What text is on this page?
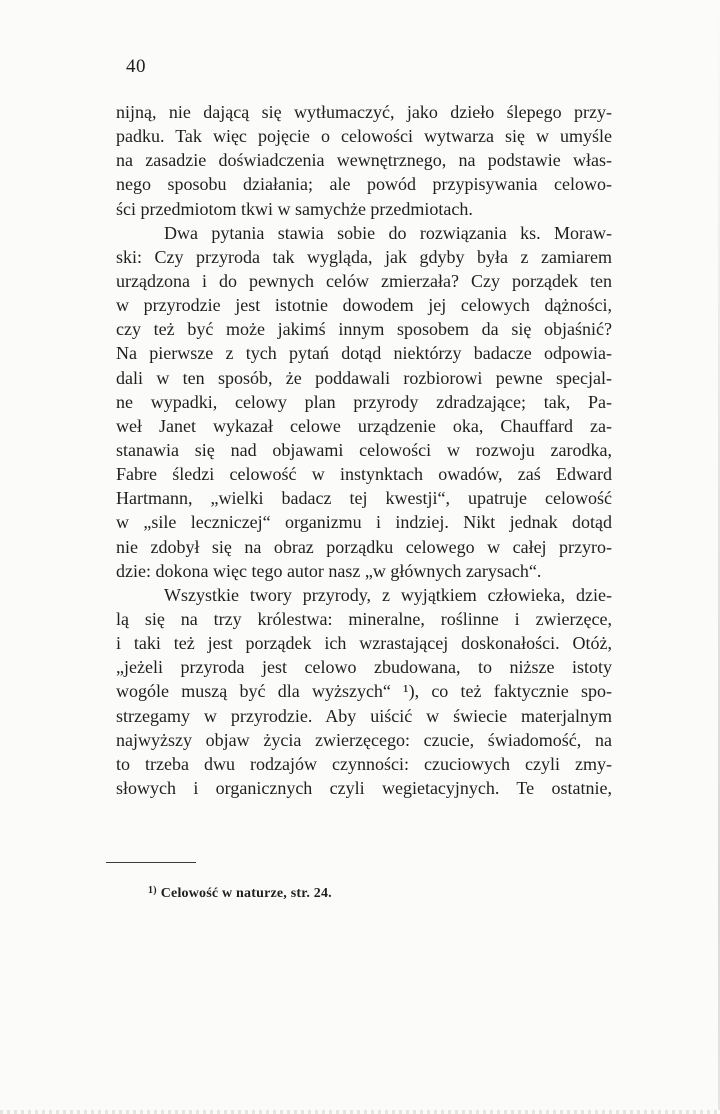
40
nijną, nie dającą się wytłumaczyć, jako dzieło ślepego przy-
padku. Tak więc pojęcie o celowości wytwarza się w umyśle
na zasadzie doświadczenia wewnętrznego, na podstawie włas-
nego sposobu działania; ale powód przypisywania celowo-
ści przedmiotom tkwi w samychże przedmiotach.
Dwa pytania stawia sobie do rozwiązania ks. Moraw-
ski: Czy przyroda tak wygląda, jak gdyby była z zamiarem
urządzona i do pewnych celów zmierzała? Czy porządek ten
w przyrodzie jest istotnie dowodem jej celowych dążności,
czy też być może jakimś innym sposobem da się objaśnić?
Na pierwsze z tych pytań dotąd niektórzy badacze odpowia-
dali w ten sposób, że poddawali rozbiorowi pewne specjal-
ne wypadki, celowy plan przyrody zdradzające; tak, Pa-
weł Janet wykazał celowe urządzenie oka, Chauffard za-
stanawia się nad objawami celowości w rozwoju zarodka,
Fabre śledzi celowość w instynktach owadów, zaś Edward
Hartmann, „wielki badacz tej kwestji“, upatruje celowość
w „sile leczniczej“ organizmu i indziej. Nikt jednak dotąd
nie zdobył się na obraz porządku celowego w całej przyro-
dzie: dokona więc tego autor nasz „w głównych zarysach“.
Wszystkie twory przyrody, z wyjątkiem człowieka, dzie-
lą się na trzy królestwa: mineralne, roślinne i zwierzęce,
i taki też jest porządek ich wzrastającej doskonałości. Otóż,
„jeżeli przyroda jest celowo zbudowana, to niższe istoty
wogóle muszą być dla wyższych“ ¹), co też faktycznie spo-
strzegamy w przyrodzie. Aby uiścić w świecie materjalnym
najwyższy objaw życia zwierzęcego: czucie, świadomość, na
to trzeba dwu rodzajów czynności: czuciowych czyli zmy-
słowych i organicznych czyli wegietacyjnych. Te ostatnie,
$^{1)}$ Celowość w naturze, str. 24.
